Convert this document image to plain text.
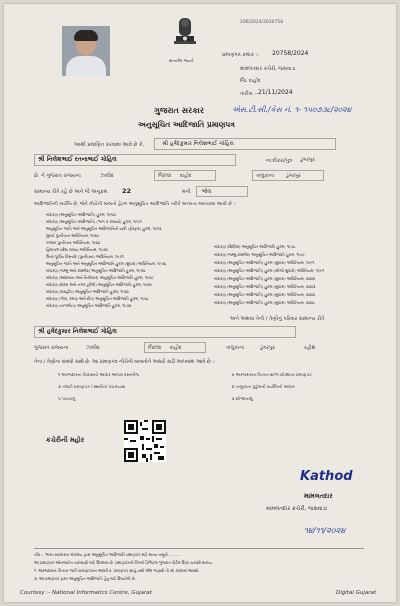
સત્યમેવ જયતે
206/2024/2030758
પ્રમાણપત્ર ક્રમાંક :- 20758/2024
મામલતદાર કચેરી, જસવાડા
જિ. દાહોદ
તારીખ :- 21/11/2024
ગુજરાત સરકાર	એસ.ટી.સી./કેસ નં. ૧- ૧૫૦૭૩૮/૨૦૨૪
અનુસૂચિત આદિજાતિ પ્રમાણપત્ર
આથી પ્રમાણિત કરવામાં આવે છે કે,	શ્રી હર્ષદકુમાર નિલેશભાઈ ગોહિલ
શ્રી નિલેશભાઈ રતનાભાઈ ગોહિલ	ના દીકરા/પુત્ર ડુંગરપુર
છે. ને ગુજરાત રાજ્યના	ઝાલોદ	જિલ્લા દાહોદ	તાલુકાના ડુંગરપુર
સામાન્ય રીતે રહે છે અને જે અનુક્રમ 22	મની ભીલ
આદિજાતિની વ્યક્તિ છે, જેને નીચેની બાબતો હેઠળ અનુસૂચિત આદિજાતિ તરીકે માન્યતા આપવામાં આવી છે :-
બંધારણ (અનુસૂચિત આદિજાતિ) હુકમ, ૧૯૫૦
બંધારણ (અનુસૂચિત આદિજાતિ) (ભાગ ક રાજ્યો) હુકમ, ૧૯૫૧
અનુસૂચિત જાતિ અને અનુસૂચિત આદિજાતિની યાદી (ફેરફાર) હુકમ, ૧૯૫૬
મુંબઈ પુનર્રચના અધિનિયમ, ૧૯૬૦
પંજાબ પુનર્રચના અધિનિયમ, ૧૯૬૬
હિમાચલ પ્રદેશ રાજ્ય અધિનિયમ, ૧૯૭૦
ઉત્તર પૂર્વીય વિસ્તારો (પુનર્રચના) અધિનિયમ, ૧૯૭૧
અનુસૂચિત જાતિ અને અનુસૂચિત આદિજાતિ હુકમ (સુધારા) અધિનિયમ, ૧૯૭૬
બંધારણ (જમ્મુ અને કાશ્મીર) અનુસૂચિત આદિજાતિ હુકમ, ૧૯૫૬
બંધારણ (આંદામાન અને નિકોબાર) અનુસૂચિત આદિજાતિ હુકમ, ૧૯૫૯
બંધારણ (દાદરા અને નગર હવેલી) અનુસૂચિત આદિજાતિ હુકમ, ૧૯૬૨
બંધારણ (લક્ષદ્વીપ) અનુસૂચિત આદિજાતિ હુકમ, ૧૯૬૨
બંધારણ (ગોવા, દમણ અને દીવ) અનુસૂચિત આદિજાતિ હુકમ, ૧૯૬૮
બંધારણ (નાગાલેન્ડ) અનુસૂચિત આદિજાતિ હુકમ, ૧૯૭૦
બંધારણ (સિક્કિમ) અનુસૂચિત આદિજાતિ હુકમ, ૧૯૭૮
બંધારણ (જમ્મુ-કાશ્મીર) અનુસૂચિત આદિજાતિ હુકમ, ૧૯૮૯
બંધારણ (અનુસૂચિત આદિજાતિ) હુકમ (સુધારા) અધિનિયમ, ૧૯૯૧
બંધારણ (અનુસૂચિત આદિજાતિ) હુકમ (બીજો સુધારો) અધિનિયમ, ૧૯૯૧
બંધારણ (અનુસૂચિત આદિજાતિ) હુકમ (સુધારા) અધિનિયમ, ૨૦૦૨
બંધારણ (અનુસૂચિત આદિજાતિ) હુકમ (સુધારા) અધિનિયમ, ૨૦૦૩
બંધારણ (અનુસૂચિત આદિજાતિ) હુકમ (સુધારા) અધિનિયમ, ૨૦૦૬
બંધારણ (અનુસૂચિત આદિજાતિ) હુકમ (સુધારા) અધિનિયમ, ૨૦૦૮
અને અથવા તેની / તેણીનું પરિવાર સામાન્ય રીતે
શ્રી હર્ષદકુમાર નિલેશભાઈ ગોહિલ
ગુજરાત રાજ્યના	ઝાલોદ	જિલ્લા દાહોદ	તાલુકાના	ડુંગરપુર	રહીશ
તેના / તેણીના સંબંધો સાથે છે. આ પ્રમાણપત્ર નીચેની બાબતોને આધારે કાઢી આપવામાં આવે છે :-
૧ અરજદારના નિવાસનો આધાર આધાર દસ્તાવેજ	૨ અરજદારના પિતાના શાળા છોડ્યાના પ્રમાણપત્ર
૩ તલાટી પ્રમાણપત્ર / સ્થાનિક પંચકયાસ	૪ નજીકના કુટુંબની વ્યક્તિનો આધાર
૫ પંચનામું	૬ સોગંદનામું
કચેરીની મહોર
Kathod
મામલતદાર
મામલતદાર કચેરી, જસવાડા
૧૪/૧૧/૨૦૨૪
નોંધ :- ભારત સરકારના મંત્રાલય દ્વારા અનુસૂચિત આદિજાતિ પ્રમાણપત્ર માટે માન્ય નમૂનો ..........
આ પ્રમાણપત્ર ઓનલાઈન ચકાસણી માટે ઉપલબ્ધ છે. પ્રમાણપત્રની વિગતો ડિજિટલ ગુજરાત પોર્ટલ ઉપર ચકાસી શકાય.
૧. અરજદારના પિતાના જાતિ પ્રમાણપત્રના આધારે ૨. પ્રમાણપત્ર સાચું નથી એમ જણાશે તો રદ કરવામાં આવશે.
૩. આ પ્રમાણપત્ર ફક્ત અનુસૂચિત આદિજાતિ હેતુ માટે ઉપયોગી છે.
Courtesy :- National Informatics Centre, Gujarat	Digital Gujarat
